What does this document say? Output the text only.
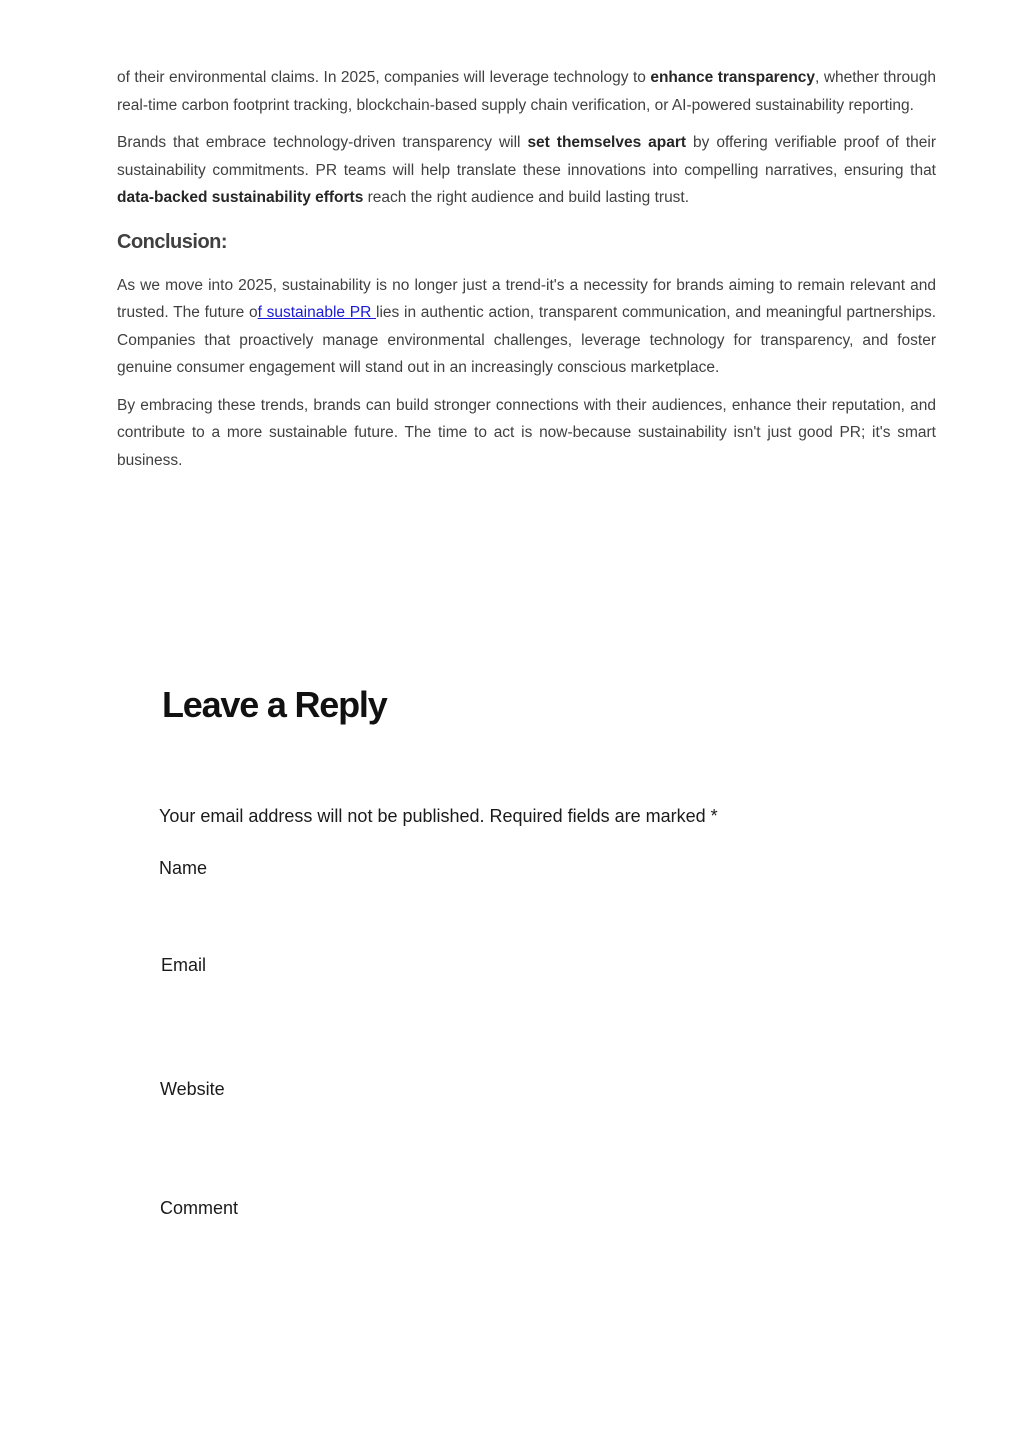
of their environmental claims. In 2025, companies will leverage technology to enhance transparency, whether through real-time carbon footprint tracking, blockchain-based supply chain verification, or AI-powered sustainability reporting.

Brands that embrace technology-driven transparency will set themselves apart by offering verifiable proof of their sustainability commitments. PR teams will help translate these innovations into compelling narratives, ensuring that data-backed sustainability efforts reach the right audience and build lasting trust.

Conclusion:

As we move into 2025, sustainability is no longer just a trend-it's a necessity for brands aiming to remain relevant and trusted. The future of sustainable PR lies in authentic action, transparent communication, and meaningful partnerships. Companies that proactively manage environmental challenges, leverage technology for transparency, and foster genuine consumer engagement will stand out in an increasingly conscious marketplace.

By embracing these trends, brands can build stronger connections with their audiences, enhance their reputation, and contribute to a more sustainable future. The time to act is now-because sustainability isn't just good PR; it's smart business.

Leave a Reply
Your email address will not be published. Required fields are marked *
Name
Email
Website
Comment
